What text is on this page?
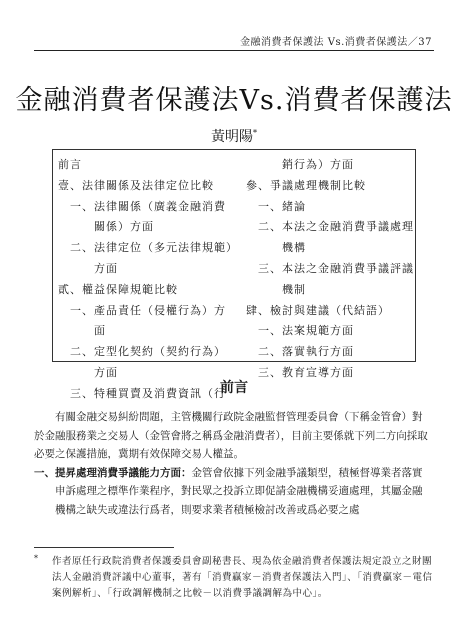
金融消費者保護法 Vs.消費者保護法／37
金融消費者保護法Vs.消費者保護法
黃明陽*
前言
壹、法律關係及法律定位比較
　一、法律關係（廣義金融消費
　　　關係）方面
　二、法律定位（多元法律規範）
　　　方面
貳、權益保障規範比較
　一、產品責任（侵權行為）方
　　　面
　二、定型化契約（契約行為）
　　　方面
　三、特種買賣及消費資訊（行
　　　銷行為）方面
參、爭議處理機制比較
　一、緒論
　二、本法之金融消費爭議處理
　　　機構
　三、本法之金融消費爭議評議
　　　機制
肆、檢討與建議（代結語）
　一、法案規範方面
　二、落實執行方面
　三、教育宣導方面
前言

有關金融交易糾紛問題，主管機關行政院金融監督管理委員會（下稱金管會）對於金融服務業之交易人（金管會將之稱爲金融消費者），目前主要係就下列二方向採取必要之保護措施，冀期有效保障交易人權益。

一、提昇處理消費爭議能力方面：金管會依據下列金融爭議類型，積極督導業者落實申訴處理之標準作業程序，對民眾之投訴立即促請金融機構妥適處理，其屬金融機構之缺失或違法行爲者，則要求業者積極檢討改善或爲必要之處

*	作者原任行政院消費者保護委員會副秘書長、現為依金融消費者保護法規定設立之財團法人金融消費評議中心董事，著有「消費贏家－消費者保護法入門」、「消費贏家－電信案例解析」、「行政調解機制之比較－以消費爭議調解為中心」。
